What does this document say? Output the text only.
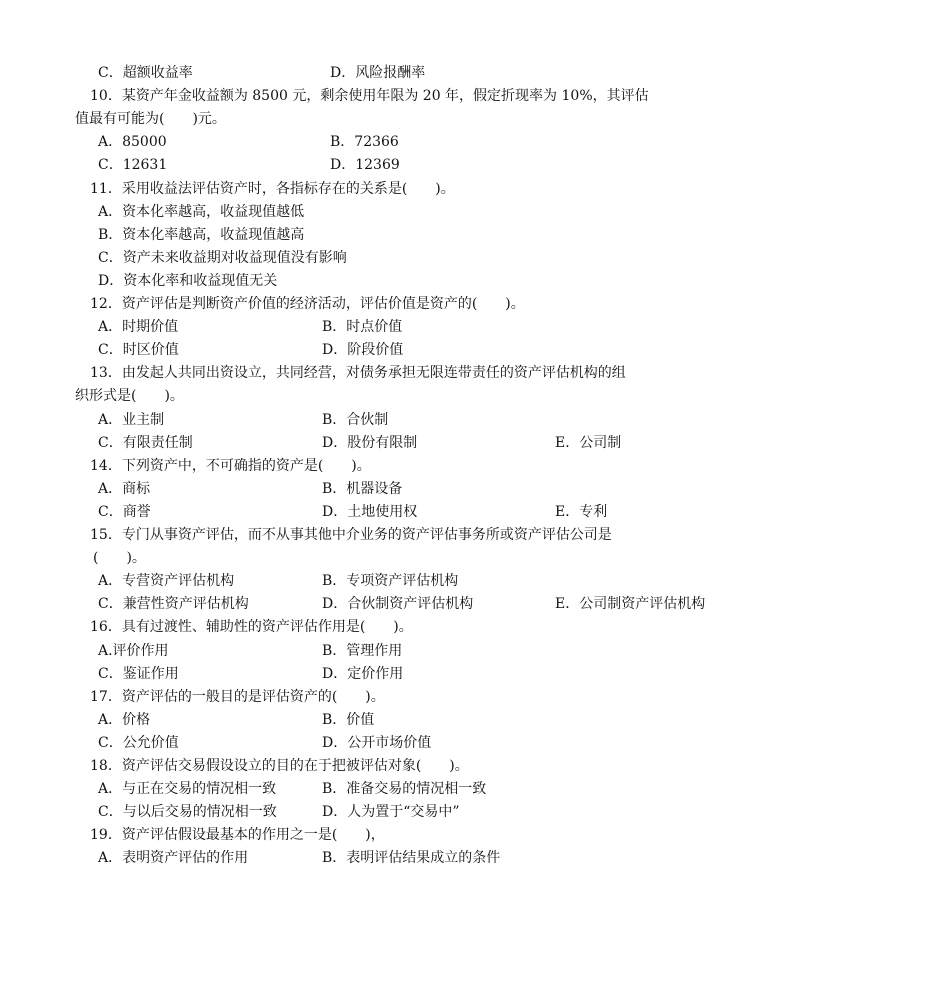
C．超额收益率	D．风险报酬率
10．某资产年金收益额为 8500 元，剩余使用年限为 20 年，假定折现率为 10%，其评估
值最有可能为(　　)元。
A．85000	B．72366
C．12631	D．12369
11．采用收益法评估资产时，各指标存在的关系是(　　)。
A．资本化率越高，收益现值越低
B．资本化率越高，收益现值越高
C．资产未来收益期对收益现值没有影响
D．资本化率和收益现值无关
12．资产评估是判断资产价值的经济活动，评估价值是资产的(　　)。
A．时期价值	B．时点价值
C．时区价值	D．阶段价值
13．由发起人共同出资设立，共同经营，对债务承担无限连带责任的资产评估机构的组
织形式是(　　)。
A．业主制	B．合伙制
C．有限责任制	D．股份有限制	E．公司制
14．下列资产中，不可确指的资产是(　　)。
A．商标	B．机器设备
C．商誉	D．土地使用权	E．专利
15．专门从事资产评估，而不从事其他中介业务的资产评估事务所或资产评估公司是
(　　)。
A．专营资产评估机构	B．专项资产评估机构
C．兼营性资产评估机构	D．合伙制资产评估机构	E．公司制资产评估机构
16．具有过渡性、辅助性的资产评估作用是(　　)。
A.评价作用	B．管理作用
C．鉴证作用	D．定价作用
17．资产评估的一般目的是评估资产的(　　)。
A．价格	B．价值
C．公允价值	D．公开市场价值
18．资产评估交易假设设立的目的在于把被评估对象(　　)。
A．与正在交易的情况相一致	B．准备交易的情况相一致
C．与以后交易的情况相一致	D．人为置于“交易中”
19．资产评估假设最基本的作用之一是(　　)，
A．表明资产评估的作用	B．表明评估结果成立的条件
